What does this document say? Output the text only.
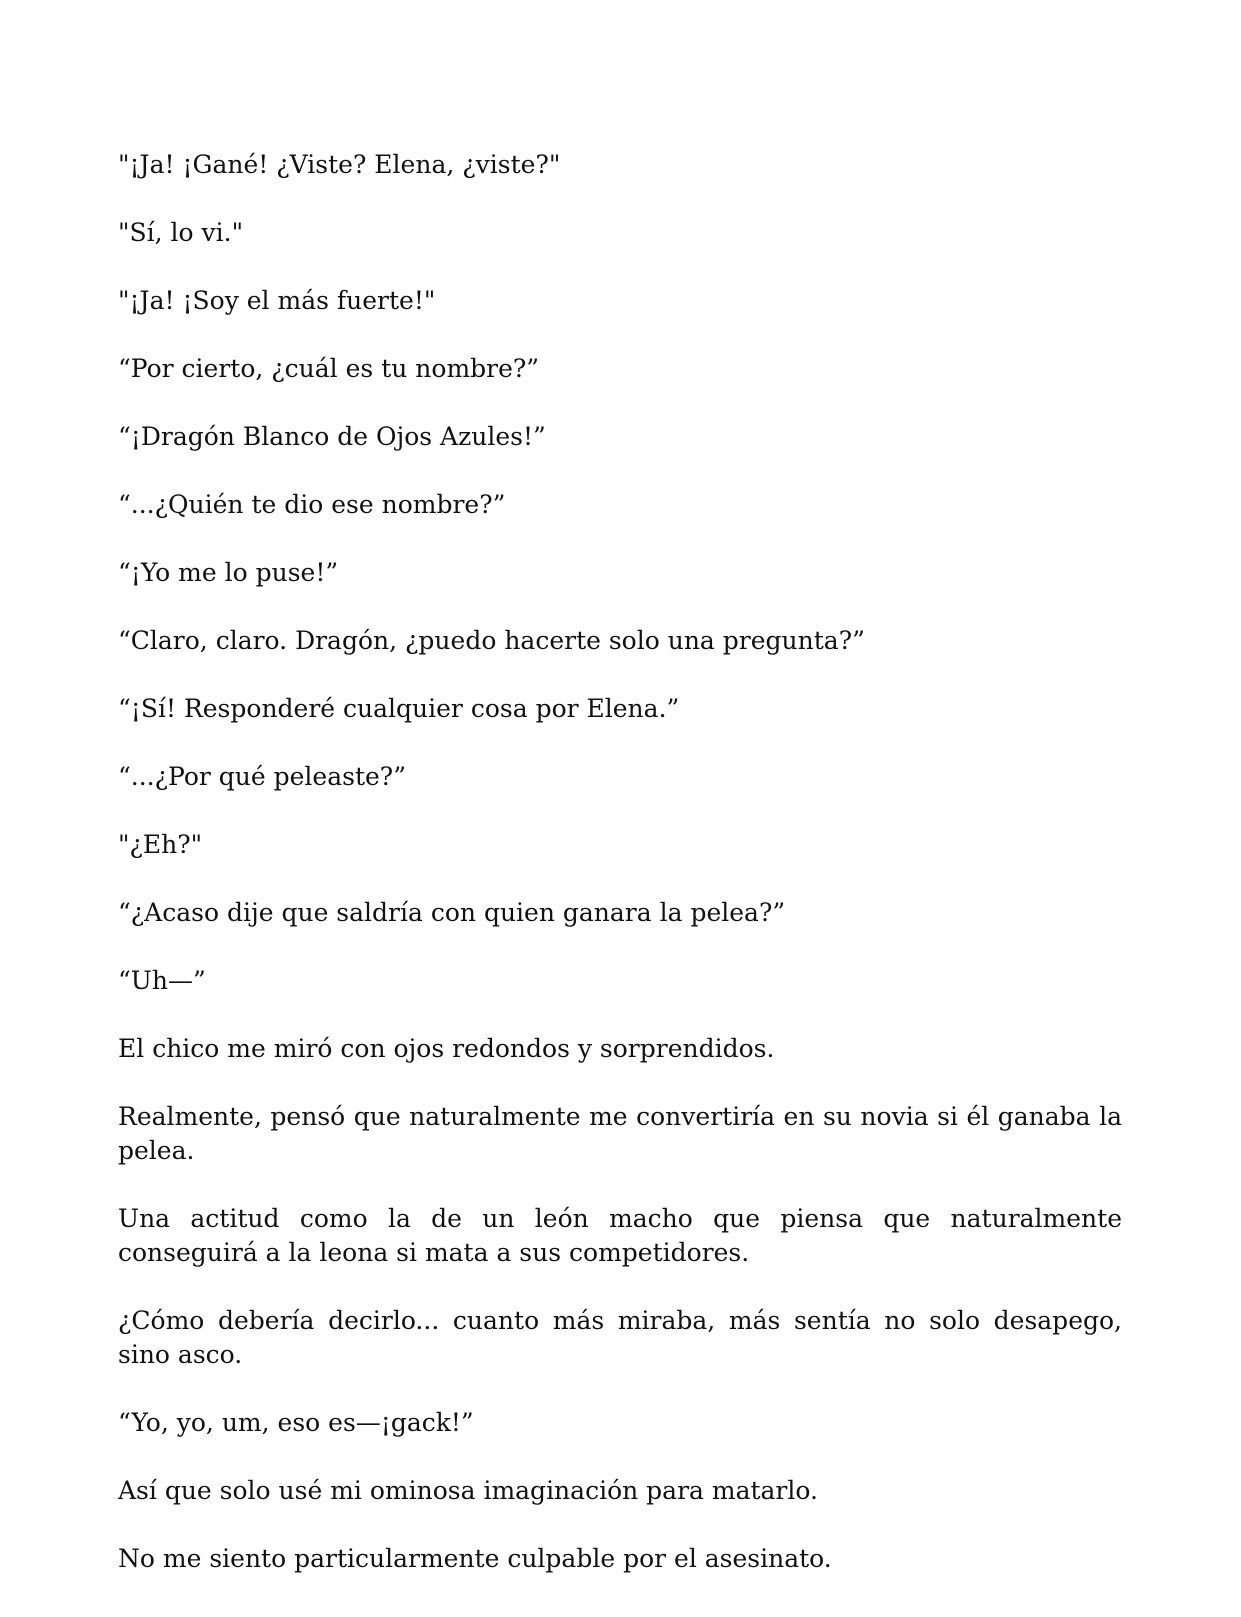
"¡Ja! ¡Gané! ¿Viste? Elena, ¿viste?"

"Sí, lo vi."

"¡Ja! ¡Soy el más fuerte!"

“Por cierto, ¿cuál es tu nombre?”

“¡Dragón Blanco de Ojos Azules!”

“...¿Quién te dio ese nombre?”

“¡Yo me lo puse!”

“Claro, claro. Dragón, ¿puedo hacerte solo una pregunta?”

“¡Sí! Responderé cualquier cosa por Elena.”

“...¿Por qué peleaste?”

"¿Eh?"

“¿Acaso dije que saldría con quien ganara la pelea?”

“Uh—”

El chico me miró con ojos redondos y sorprendidos.

Realmente, pensó que naturalmente me convertiría en su novia si él ganaba la pelea.

Una actitud como la de un león macho que piensa que naturalmente conseguirá a la leona si mata a sus competidores.

¿Cómo debería decirlo... cuanto más miraba, más sentía no solo desapego, sino asco.

“Yo, yo, um, eso es—¡gack!”

Así que solo usé mi ominosa imaginación para matarlo.

No me siento particularmente culpable por el asesinato.
